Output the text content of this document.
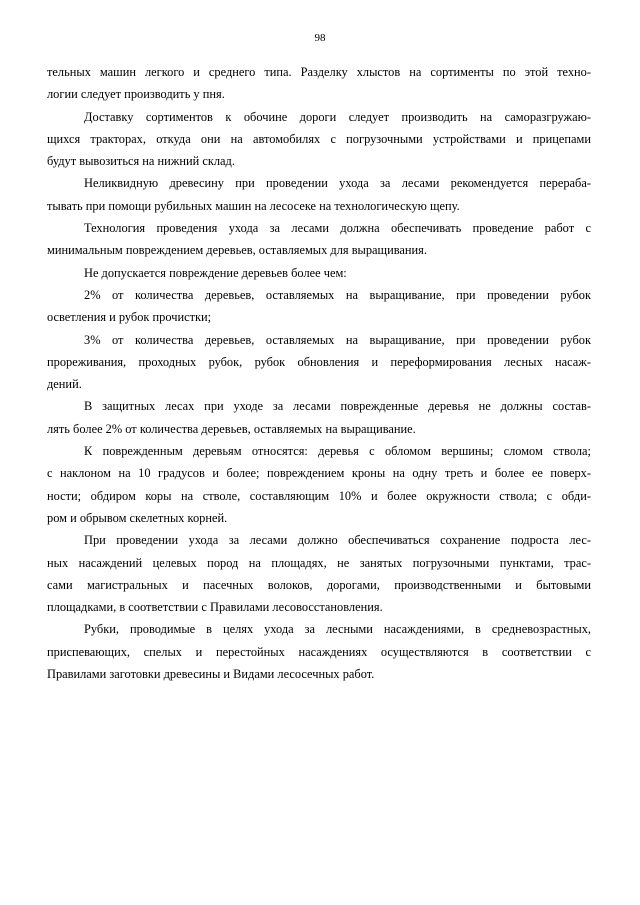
98
тельных машин легкого и среднего типа. Разделку хлыстов на сортименты по этой техно-
логии следует производить у пня.
Доставку сортиментов к обочине дороги следует производить на саморазгружаю-
щихся тракторах, откуда они на автомобилях с погрузочными устройствами и прицепами
будут вывозиться на нижний склад.
Неликвидную древесину при проведении ухода за лесами рекомендуется перераба-
тывать при помощи рубильных машин на лесосеке на технологическую щепу.
Технология проведения ухода за лесами должна обеспечивать проведение работ с
минимальным повреждением деревьев, оставляемых для выращивания.
Не допускается повреждение деревьев более чем:
2% от количества деревьев, оставляемых на выращивание, при проведении рубок
осветления и рубок прочистки;
3% от количества деревьев, оставляемых на выращивание, при проведении рубок
прореживания, проходных рубок, рубок обновления и переформирования лесных насаж-
дений.
В защитных лесах при уходе за лесами поврежденные деревья не должны состав-
лять более 2% от количества деревьев, оставляемых на выращивание.
К поврежденным деревьям относятся: деревья с обломом вершины; сломом ствола;
с наклоном на 10 градусов и более; повреждением кроны на одну треть и более ее поверх-
ности; обдиром коры на стволе, составляющим 10% и более окружности ствола; с обди-
ром и обрывом скелетных корней.
При проведении ухода за лесами должно обеспечиваться сохранение подроста лес-
ных насаждений целевых пород на площадях, не занятых погрузочными пунктами, трас-
сами магистральных и пасечных волоков, дорогами, производственными и бытовыми
площадками, в соответствии с Правилами лесовосстановления.
Рубки, проводимые в целях ухода за лесными насаждениями, в средневозрастных,
приспевающих, спелых и перестойных насаждениях осуществляются в соответствии с
Правилами заготовки древесины и Видами лесосечных работ.
